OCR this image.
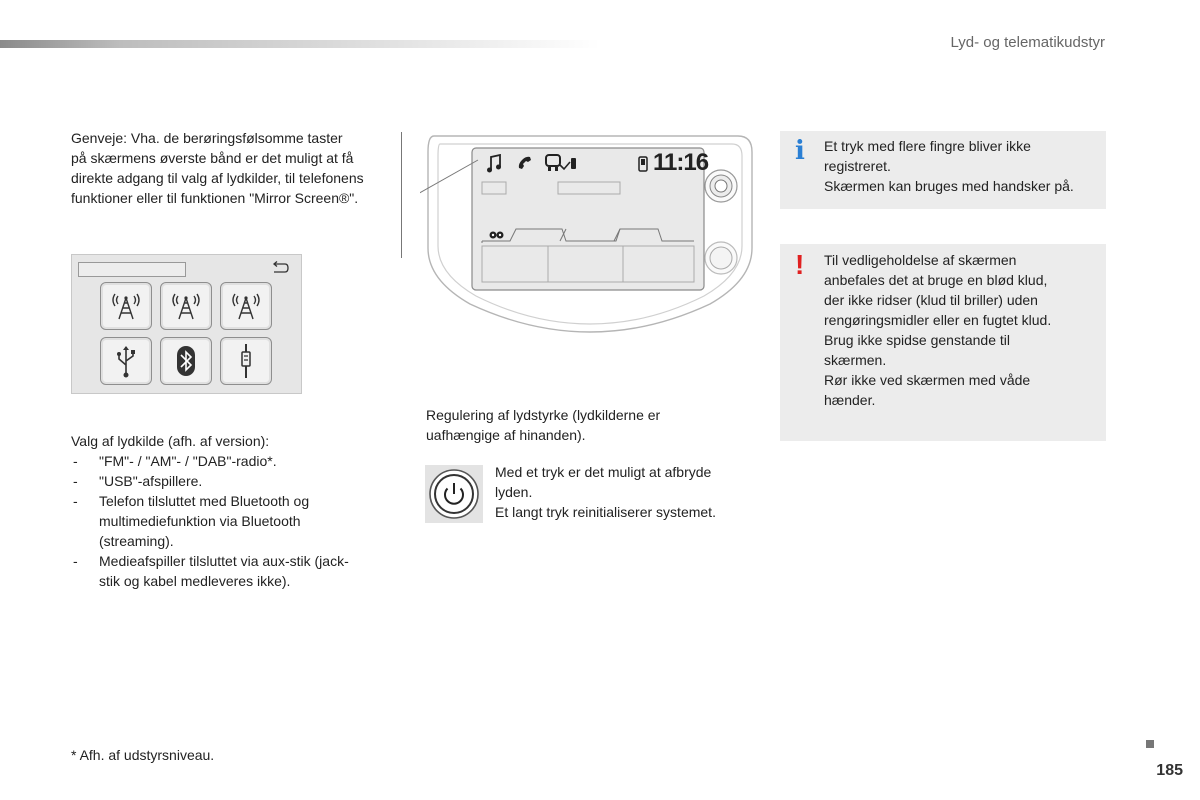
Lyd- og telematikudstyr
Genveje: Vha. de berøringsfølsomme taster
på skærmens øverste bånd er det muligt at få
direkte adgang til valg af lydkilder, til telefonens
funktioner eller til funktionen "Mirror Screen®".
Valg af lydkilde (afh. af version):
- "FM"- / "AM"- / "DAB"-radio*.
- "USB"-afspillere.
- Telefon tilsluttet med Bluetooth og
multimediefunktion via Bluetooth
(streaming).
- Medieafspiller tilsluttet via aux-stik (jack-
stik og kabel medleveres ikke).
11:16
Regulering af lydstyrke (lydkilderne er
uafhængige af hinanden).
Med et tryk er det muligt at afbryde
lyden.
Et langt tryk reinitialiserer systemet.
i Et tryk med flere fingre bliver ikke
registreret.
Skærmen kan bruges med handsker på.
! Til vedligeholdelse af skærmen
anbefales det at bruge en blød klud,
der ikke ridser (klud til briller) uden
rengøringsmidler eller en fugtet klud.
Brug ikke spidse genstande til
skærmen.
Rør ikke ved skærmen med våde
hænder.
* Afh. af udstyrsniveau.
185
